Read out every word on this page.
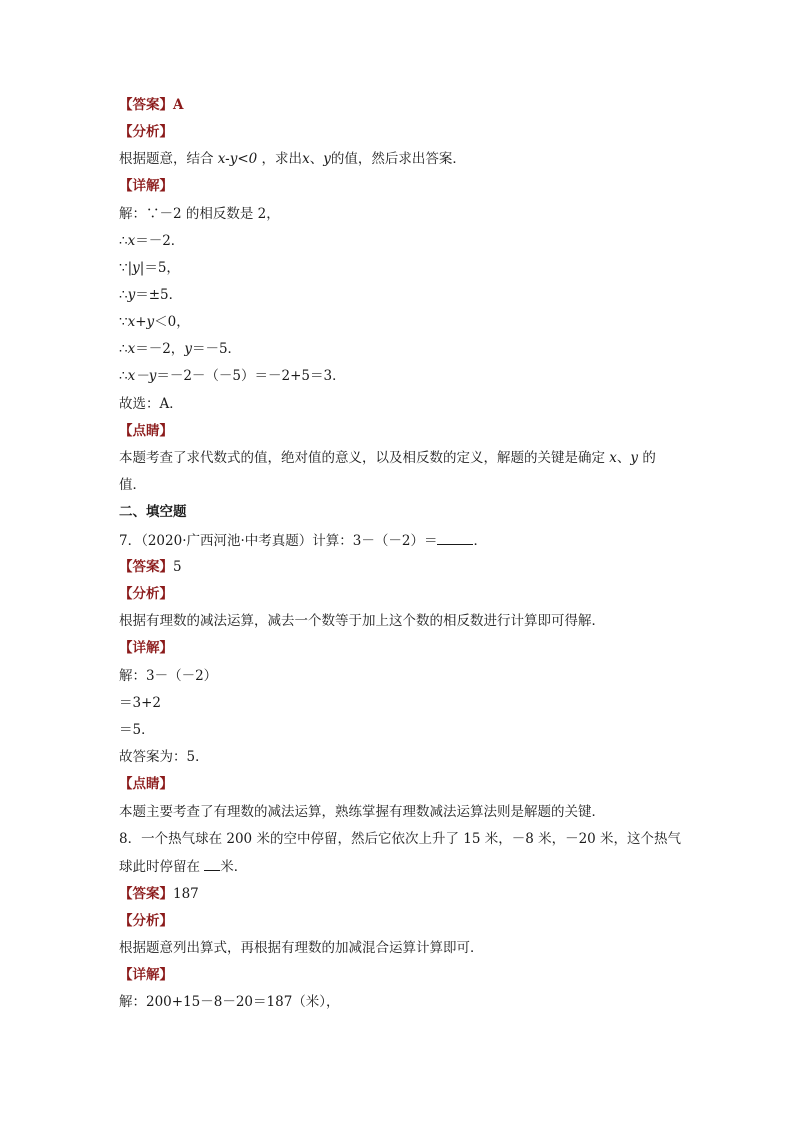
【答案】A
【分析】
根据题意，结合 x-y<0 ，求出x、y的值，然后求出答案．
【详解】
解：∵－2 的相反数是 2，
∴x＝－2．
∵|y|＝5，
∴y＝±5．
∵x+y＜0，
∴x＝－2，y＝－5．
∴x－y＝－2－（－5）＝－2+5＝3．
故选：A．
【点睛】
本题考查了求代数式的值，绝对值的意义，以及相反数的定义，解题的关键是确定 x、y 的
值．
二、填空题
7．（2020·广西河池·中考真题）计算：3－（－2）＝	．
【答案】5
【分析】
根据有理数的减法运算，减去一个数等于加上这个数的相反数进行计算即可得解．
【详解】
解：3－（－2）
＝3+2
＝5．
故答案为：5．
【点睛】
本题主要考查了有理数的减法运算，熟练掌握有理数减法运算法则是解题的关键．
8．一个热气球在 200 米的空中停留，然后它依次上升了 15 米，－8 米，－20 米，这个热气
球此时停留在 米．
【答案】187
【分析】
根据题意列出算式，再根据有理数的加减混合运算计算即可．
【详解】
解：200+15－8－20＝187（米），
